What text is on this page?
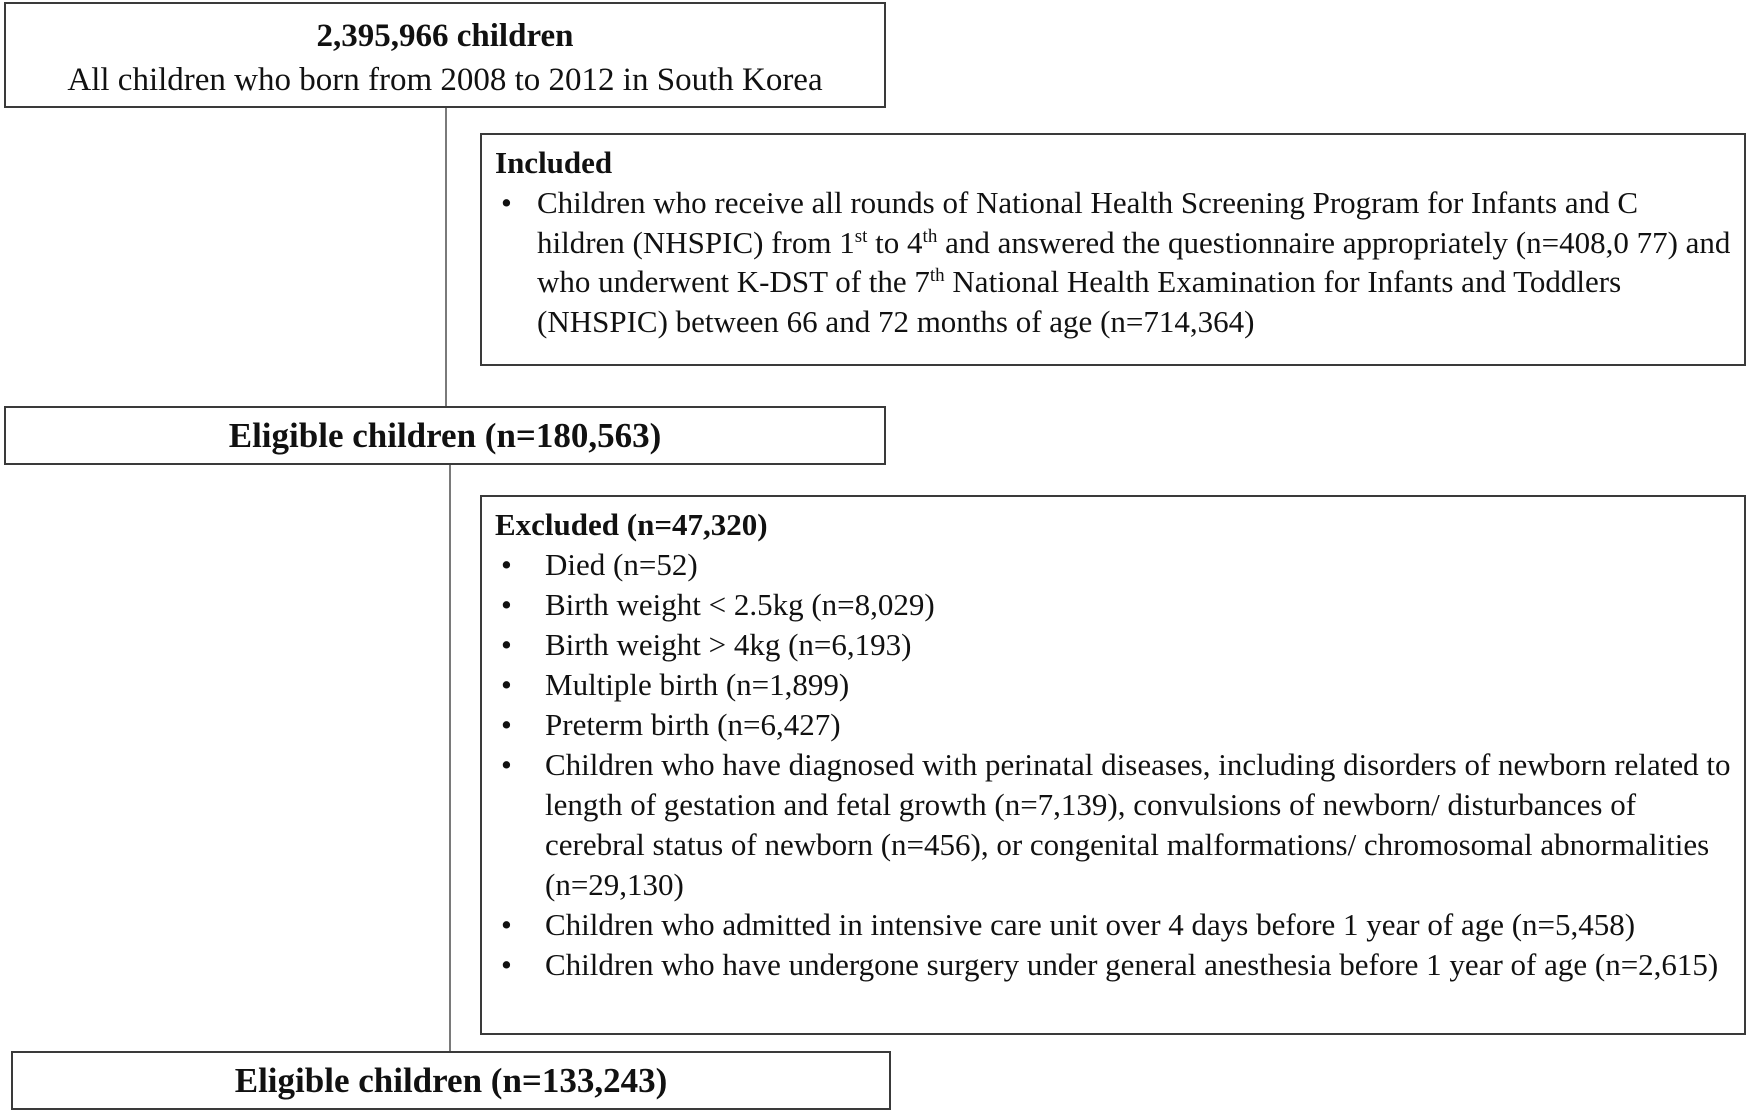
2,395,966 children
All children who born from 2008 to 2012 in South Korea
Included
• Children who receive all rounds of National Health Screening Program for Infants and C hildren (NHSPIC) from 1st to 4th and answered the questionnaire appropriately (n=408,0 77) and who underwent K-DST of the 7th National Health Examination for Infants and Toddlers (NHSPIC) between 66 and 72 months of age (n=714,364)
Eligible children (n=180,563)
Excluded (n=47,320)
• Died (n=52)
• Birth weight < 2.5kg (n=8,029)
• Birth weight > 4kg (n=6,193)
• Multiple birth (n=1,899)
• Preterm birth (n=6,427)
• Children who have diagnosed with perinatal diseases, including disorders of newborn related to length of gestation and fetal growth (n=7,139), convulsions of newborn/ disturbances of cerebral status of newborn (n=456), or congenital malformations/ chromosomal abnormalities (n=29,130)
• Children who admitted in intensive care unit over 4 days before 1 year of age (n=5,458)
• Children who have undergone surgery under general anesthesia before 1 year of age (n=2,615)
Eligible children (n=133,243)
